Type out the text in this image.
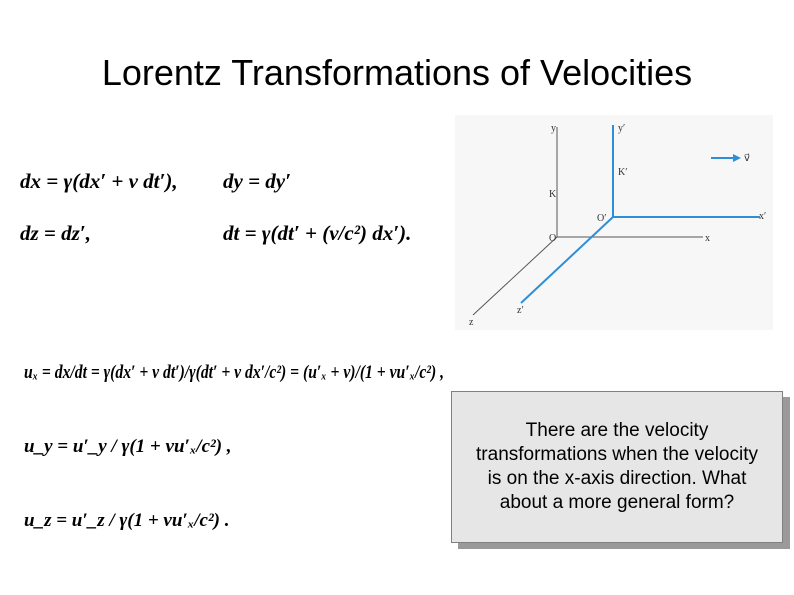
Lorentz Transformations of Velocities
dx = γ(dx′ + v dt′), dy = dy′
dz = dz′,	dt = γ(dt′ + (v/c²) dx′).
uₓ = dx/dt = γ(dx′ + v dt′)/γ(dt′ + v dx′/c²) = (u′ₓ + v)/(1 + vu′ₓ/c²) ,
u_y = u′_y / γ(1 + vu′ₓ/c²) ,
u_z = u′_z / γ(1 + vu′ₓ/c²) .
y	y′
K
K′
O
O′
x
x′
z
z′
v⃗
There are the velocity transformations when the velocity is on the x-axis direction. What about a more general form?
